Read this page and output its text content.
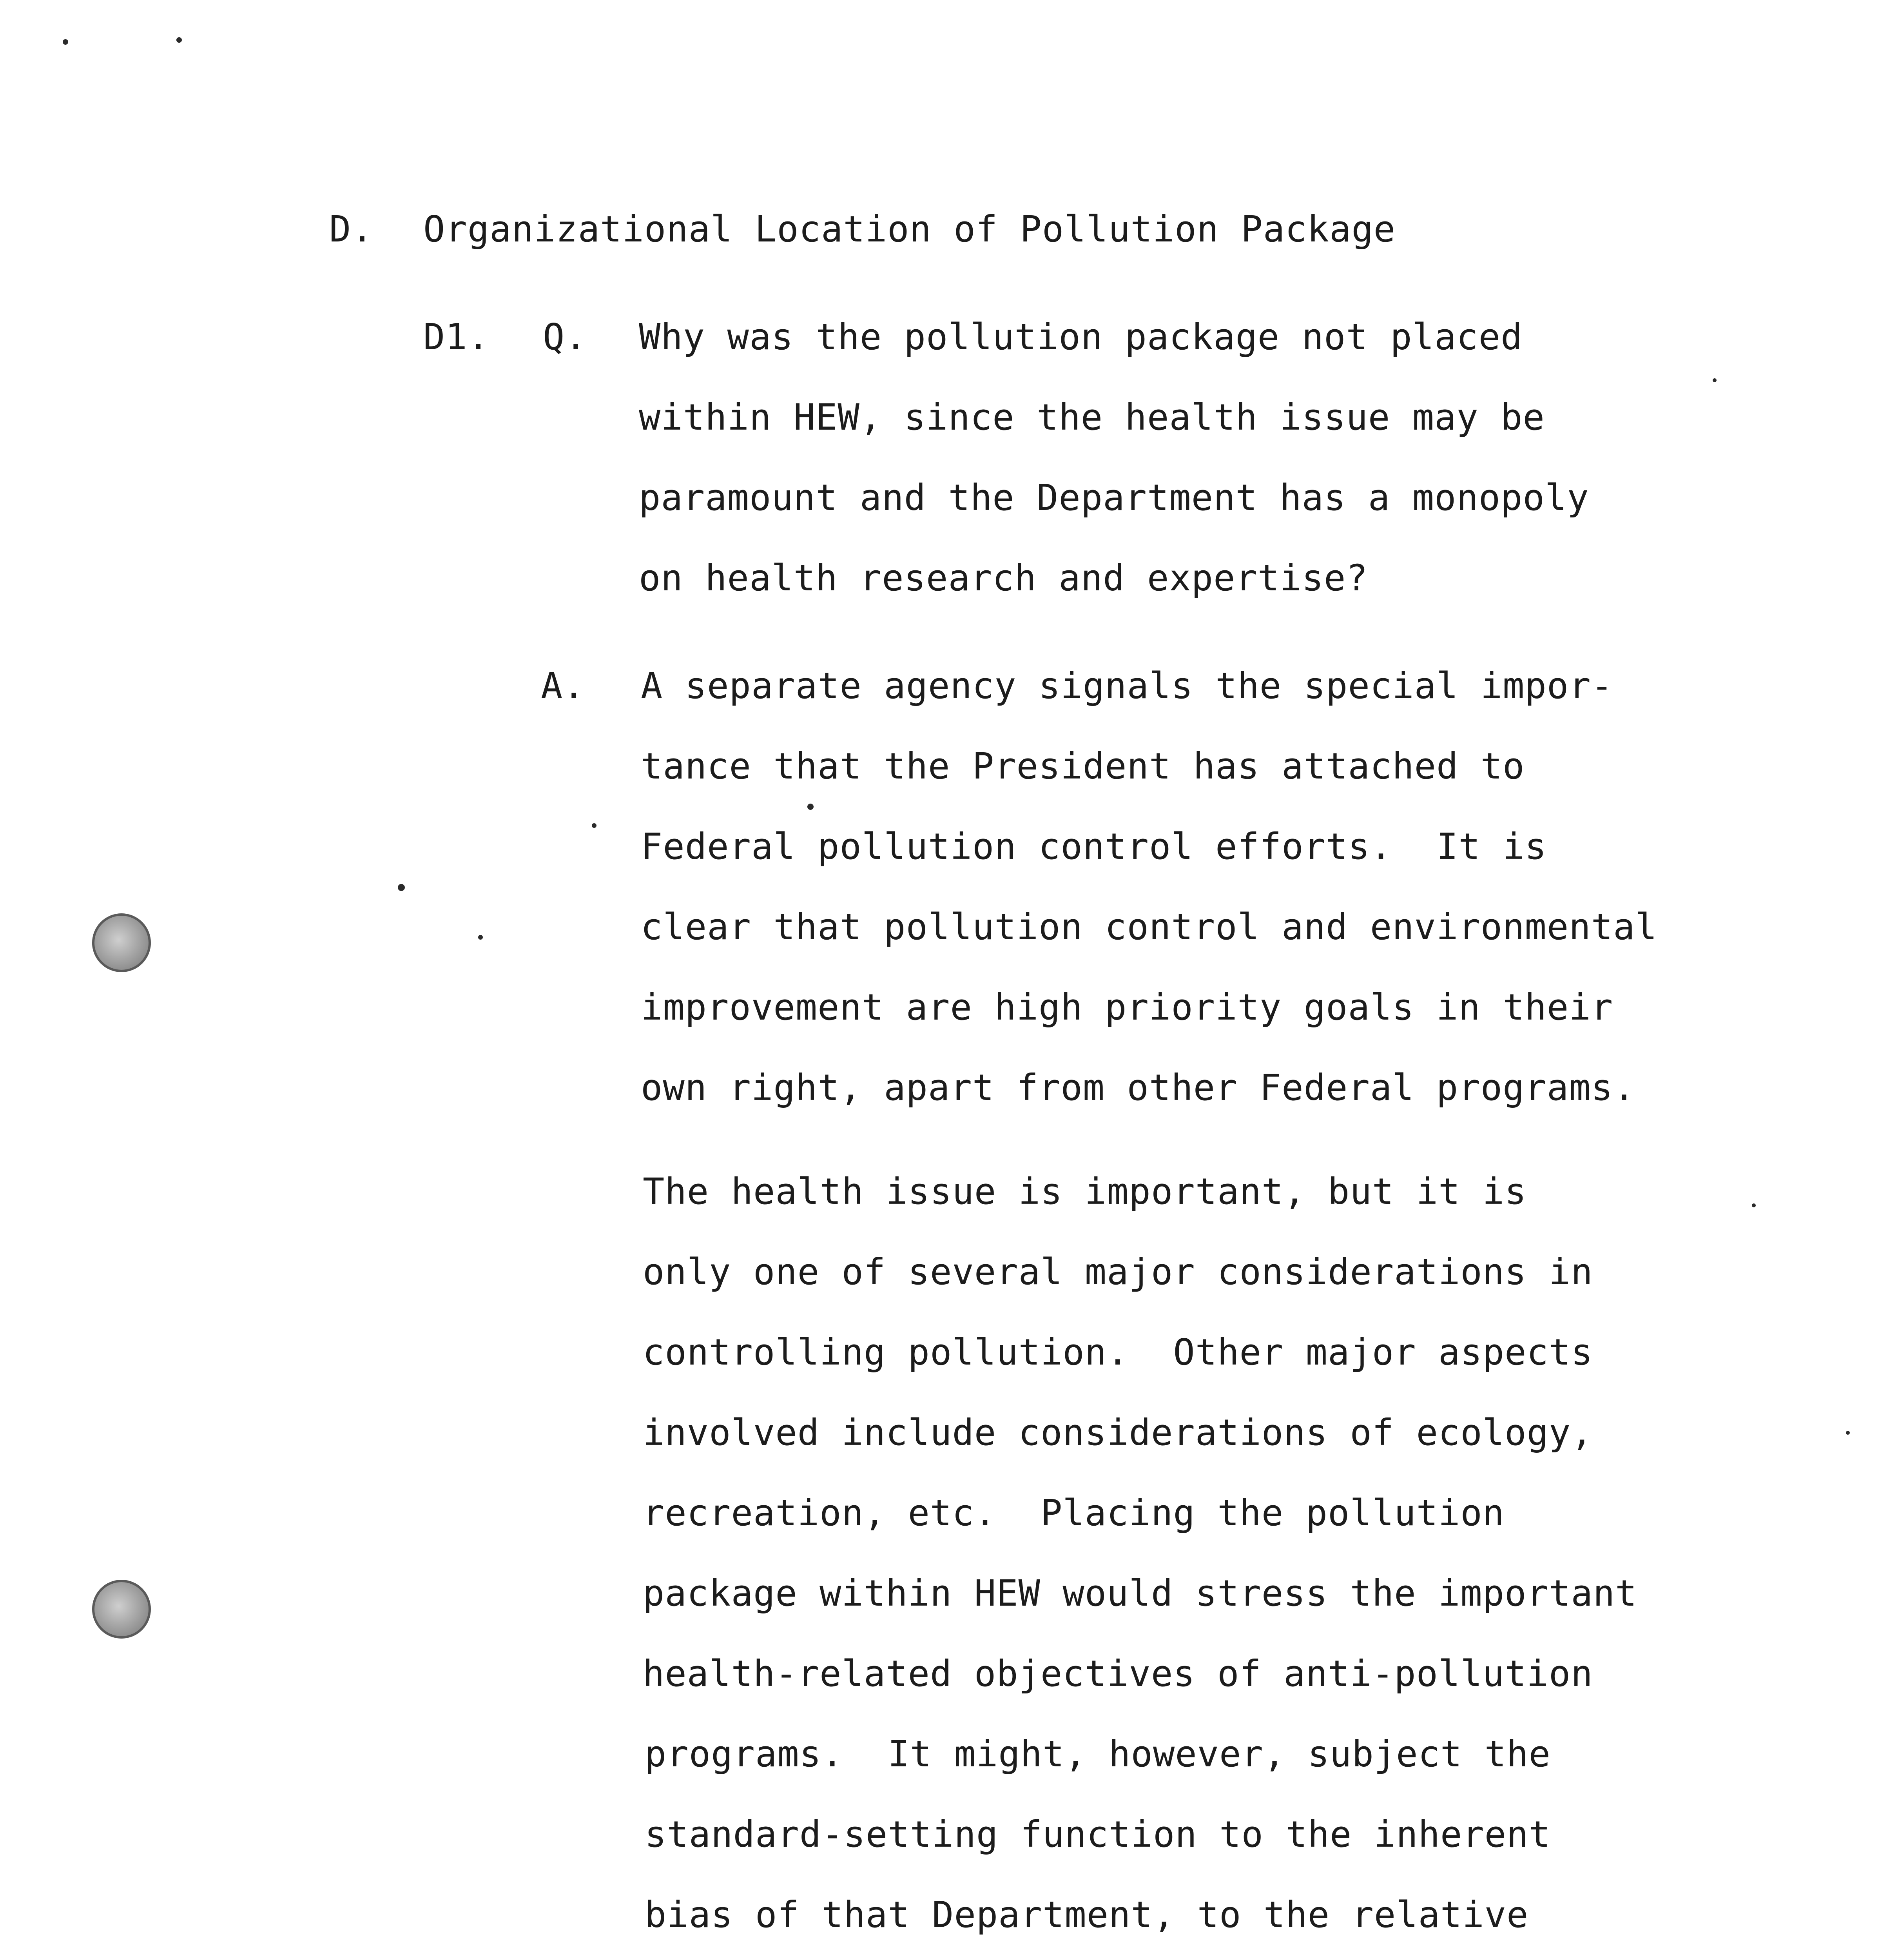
D. Organizational Location of Pollution Package
D1. Q. Why was the pollution package not placed
within HEW, since the health issue may be
paramount and the Department has a monopoly
on health research and expertise?
A. A separate agency signals the special impor-
tance that the President has attached to
Federal pollution control efforts.  It is
clear that pollution control and environmental
improvement are high priority goals in their
own right, apart from other Federal programs.
The health issue is important, but it is
only one of several major considerations in
controlling pollution.  Other major aspects
involved include considerations of ecology,
recreation, etc.  Placing the pollution
package within HEW would stress the important
health-related objectives of anti-pollution
programs.  It might, however, subject the
standard-setting function to the inherent
bias of that Department, to the relative
